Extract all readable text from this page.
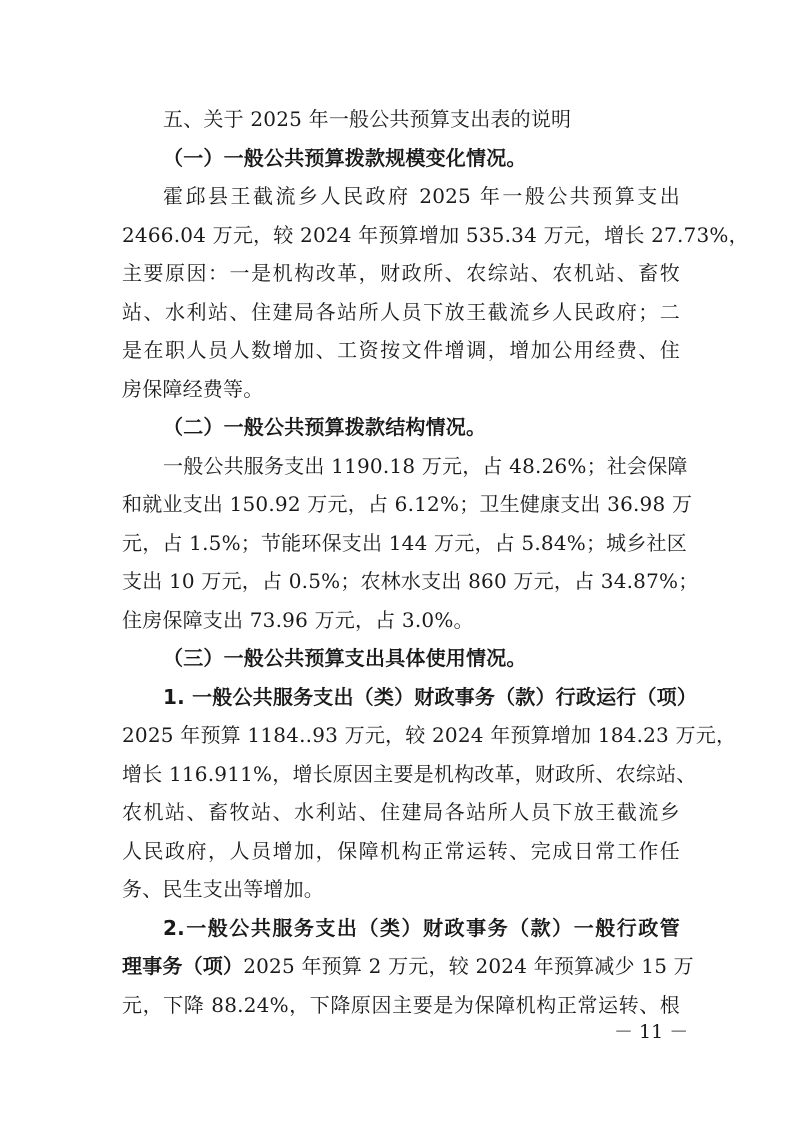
五、关于 2025 年一般公共预算支出表的说明
（一）一般公共预算拨款规模变化情况。
霍邱县王截流乡人民政府 2025 年一般公共预算支出
2466.04 万元，较 2024 年预算增加 535.34 万元，增长 27.73%，
主要原因：一是机构改革，财政所、农综站、农机站、畜牧
站、水利站、住建局各站所人员下放王截流乡人民政府；二
是在职人员人数增加、工资按文件增调，增加公用经费、住
房保障经费等。
（二）一般公共预算拨款结构情况。
一般公共服务支出 1190.18 万元，占 48.26%；社会保障
和就业支出 150.92 万元，占 6.12%；卫生健康支出 36.98 万
元，占 1.5%；节能环保支出 144 万元，占 5.84%；城乡社区
支出 10 万元，占 0.5%；农林水支出 860 万元，占 34.87%；
住房保障支出 73.96 万元，占 3.0%。
（三）一般公共预算支出具体使用情况。
1. 一般公共服务支出（类）财政事务（款）行政运行（项）
2025 年预算 1184..93 万元，较 2024 年预算增加 184.23 万元，
增长 116.911%，增长原因主要是机构改革，财政所、农综站、
农机站、畜牧站、水利站、住建局各站所人员下放王截流乡
人民政府，人员增加，保障机构正常运转、完成日常工作任
务、民生支出等增加。
2.一般公共服务支出（类）财政事务（款）一般行政管
理事务（项）2025 年预算 2 万元，较 2024 年预算减少 15 万
元，下降 88.24%，下降原因主要是为保障机构正常运转、根
－ 11 －
